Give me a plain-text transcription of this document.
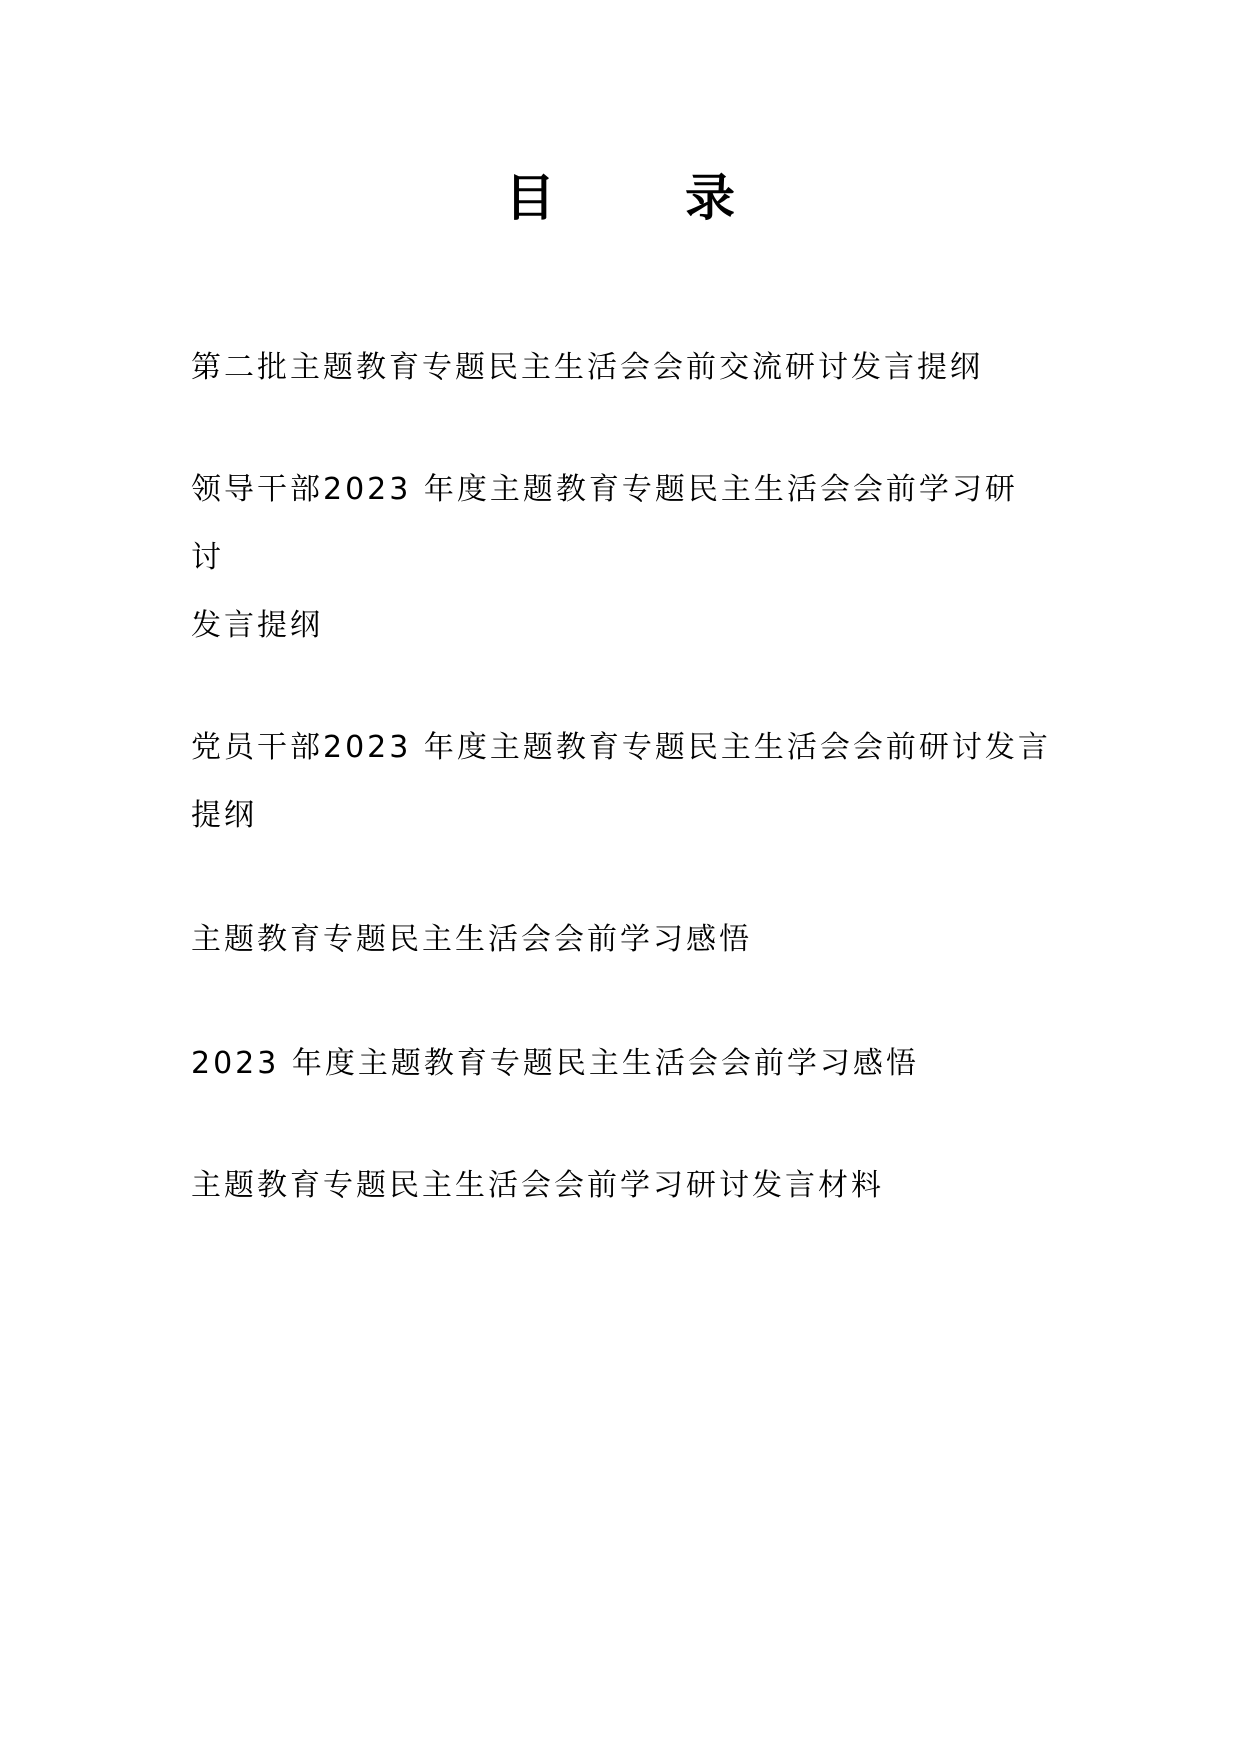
目　录
第二批主题教育专题民主生活会会前交流研讨发言提纲
领导干部2023 年度主题教育专题民主生活会会前学习研
讨
发言提纲
党员干部2023 年度主题教育专题民主生活会会前研讨发言
提纲
主题教育专题民主生活会会前学习感悟
2023 年度主题教育专题民主生活会会前学习感悟
主题教育专题民主生活会会前学习研讨发言材料
